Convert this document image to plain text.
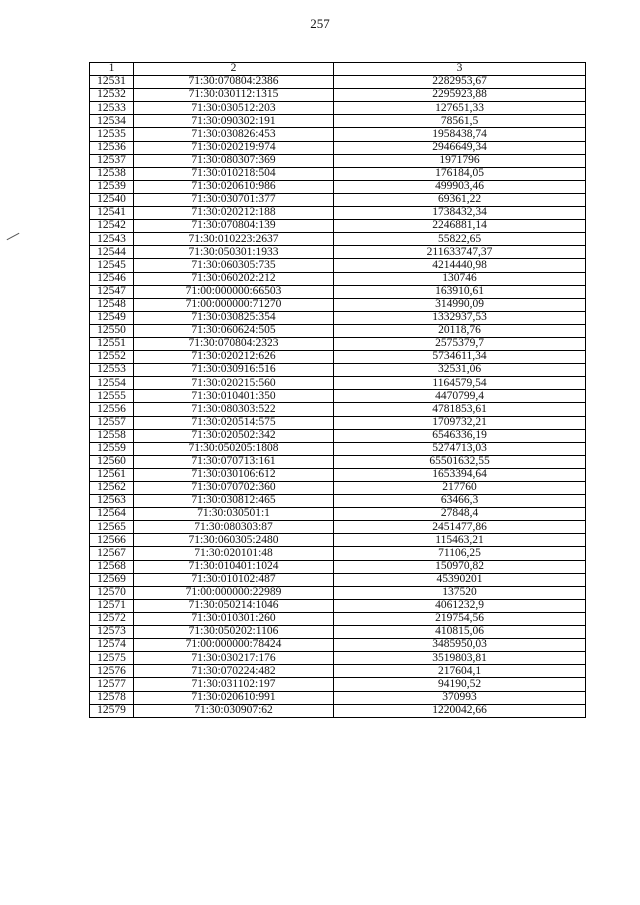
257
1	2	3
12531	71:30:070804:2386	2282953,67
12532	71:30:030112:1315	2295923,88
12533	71:30:030512:203	127651,33
12534	71:30:090302:191	78561,5
12535	71:30:030826:453	1958438,74
12536	71:30:020219:974	2946649,34
12537	71:30:080307:369	1971796
12538	71:30:010218:504	176184,05
12539	71:30:020610:986	499903,46
12540	71:30:030701:377	69361,22
12541	71:30:020212:188	1738432,34
12542	71:30:070804:139	2246881,14
12543	71:30:010223:2637	55822,65
12544	71:30:050301:1933	211633747,37
12545	71:30:060305:735	4214440,98
12546	71:30:060202:212	130746
12547	71:00:000000:66503	163910,61
12548	71:00:000000:71270	314990,09
12549	71:30:030825:354	1332937,53
12550	71:30:060624:505	20118,76
12551	71:30:070804:2323	2575379,7
12552	71:30:020212:626	5734611,34
12553	71:30:030916:516	32531,06
12554	71:30:020215:560	1164579,54
12555	71:30:010401:350	4470799,4
12556	71:30:080303:522	4781853,61
12557	71:30:020514:575	1709732,21
12558	71:30:020502:342	6546336,19
12559	71:30:050205:1808	5274713,03
12560	71:30:070713:161	65501632,55
12561	71:30:030106:612	1653394,64
12562	71:30:070702:360	217760
12563	71:30:030812:465	63466,3
12564	71:30:030501:1	27848,4
12565	71:30:080303:87	2451477,86
12566	71:30:060305:2480	115463,21
12567	71:30:020101:48	71106,25
12568	71:30:010401:1024	150970,82
12569	71:30:010102:487	45390201
12570	71:00:000000:22989	137520
12571	71:30:050214:1046	4061232,9
12572	71:30:010301:260	219754,56
12573	71:30:050202:1106	410815,06
12574	71:00:000000:78424	3485950,03
12575	71:30:030217:176	3519803,81
12576	71:30:070224:482	217604,1
12577	71:30:031102:197	94190,52
12578	71:30:020610:991	370993
12579	71:30:030907:62	1220042,66
